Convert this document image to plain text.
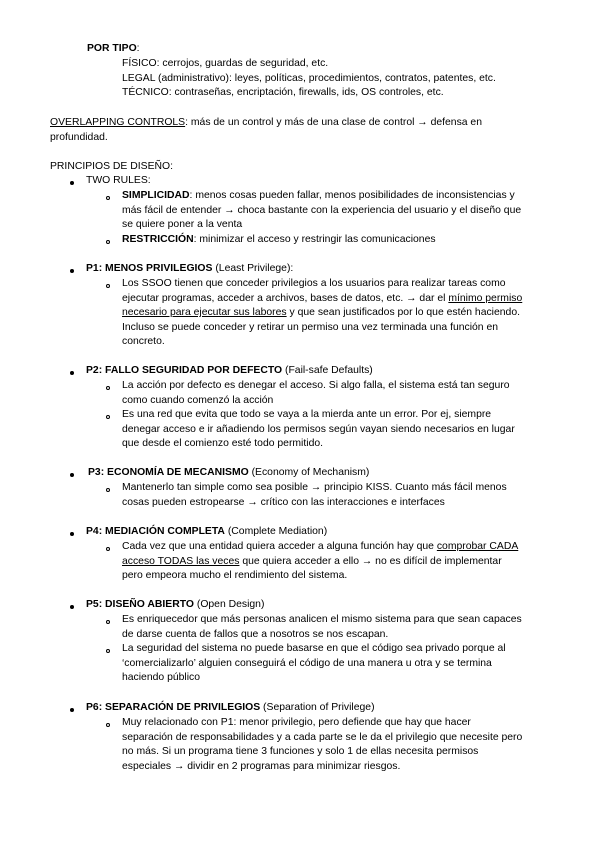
POR TIPO:
FÍSICO: cerrojos, guardas de seguridad, etc.
LEGAL (administrativo): leyes, políticas, procedimientos, contratos, patentes, etc.
TÉCNICO: contraseñas, encriptación, firewalls, ids, OS controles, etc.
OVERLAPPING CONTROLS: más de un control y más de una clase de control → defensa en
profundidad.
PRINCIPIOS DE DISEÑO:
TWO RULES:
SIMPLICIDAD: menos cosas pueden fallar, menos posibilidades de inconsistencias y
más fácil de entender → choca bastante con la experiencia del usuario y el diseño que
se quiere poner a la venta
RESTRICCIÓN: minimizar el acceso y restringir las comunicaciones
P1: MENOS PRIVILEGIOS (Least Privilege):
Los SSOO tienen que conceder privilegios a los usuarios para realizar tareas como
ejecutar programas, acceder a archivos, bases de datos, etc. → dar el mínimo permiso
necesario para ejecutar sus labores y que sean justificados por lo que estén haciendo.
Incluso se puede conceder y retirar un permiso una vez terminada una función en
concreto.
P2: FALLO SEGURIDAD POR DEFECTO (Fail-safe Defaults)
La acción por defecto es denegar el acceso. Si algo falla, el sistema está tan seguro
como cuando comenzó la acción
Es una red que evita que todo se vaya a la mierda ante un error. Por ej, siempre
denegar acceso e ir añadiendo los permisos según vayan siendo necesarios en lugar
que desde el comienzo esté todo permitido.
P3: ECONOMÍA DE MECANISMO (Economy of Mechanism)
Mantenerlo tan simple como sea posible → principio KISS. Cuanto más fácil menos
cosas pueden estropearse → crítico con las interacciones e interfaces
P4: MEDIACIÓN COMPLETA (Complete Mediation)
Cada vez que una entidad quiera acceder a alguna función hay que comprobar CADA
acceso TODAS las veces que quiera acceder a ello → no es difícil de implementar
pero empeora mucho el rendimiento del sistema.
P5: DISEÑO ABIERTO (Open Design)
Es enriquecedor que más personas analicen el mismo sistema para que sean capaces
de darse cuenta de fallos que a nosotros se nos escapan.
La seguridad del sistema no puede basarse en que el código sea privado porque al
‘comercializarlo’ alguien conseguirá el código de una manera u otra y se termina
haciendo público
P6: SEPARACIÓN DE PRIVILEGIOS (Separation of Privilege)
Muy relacionado con P1: menor privilegio, pero defiende que hay que hacer
separación de responsabilidades y a cada parte se le da el privilegio que necesite pero
no más. Si un programa tiene 3 funciones y solo 1 de ellas necesita permisos
especiales → dividir en 2 programas para minimizar riesgos.
